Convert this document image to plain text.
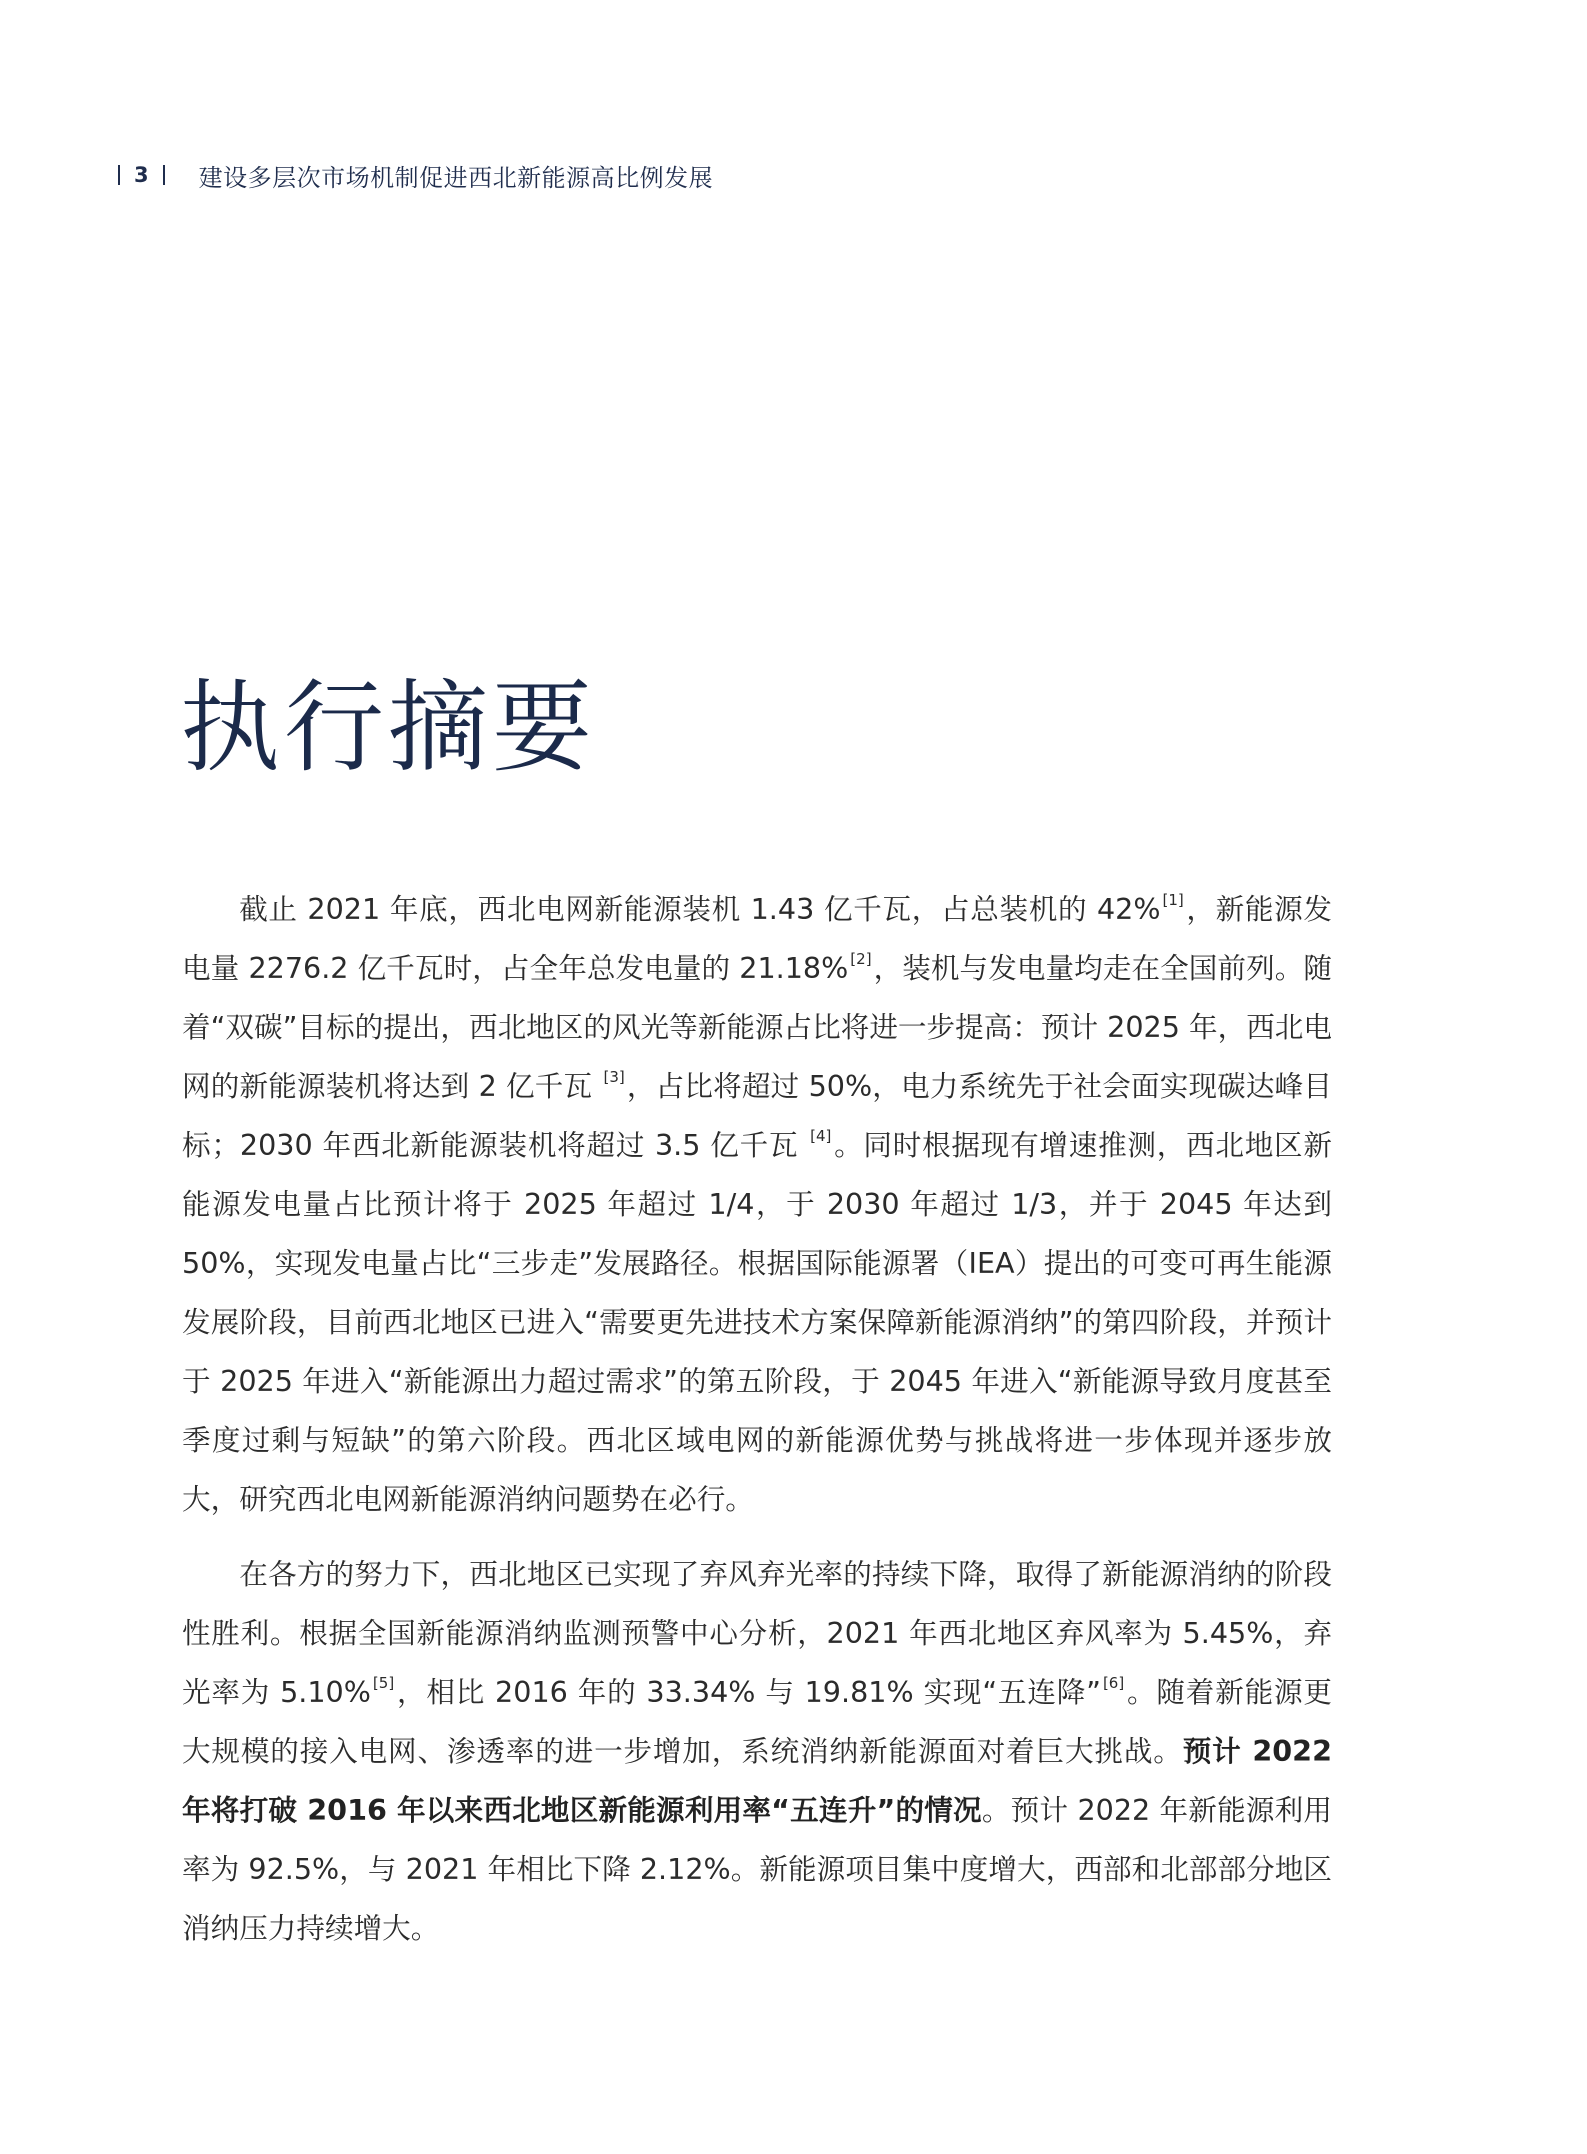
3 建设多层次市场机制促进西北新能源高比例发展
执行摘要

截止 2021 年底，西北电网新能源装机 1.43 亿千瓦，占总装机的 42% [1]，新能源发电量 2276.2 亿千瓦时，占全年总发电量的 21.18% [2]，装机与发电量均走在全国前列。随着“双碳”目标的提出，西北地区的风光等新能源占比将进一步提高：预计 2025 年，西北电网的新能源装机将达到 2 亿千瓦 [3]，占比将超过 50%，电力系统先于社会面实现碳达峰目标；2030 年西北新能源装机将超过 3.5 亿千瓦 [4]。同时根据现有增速推测，西北地区新能源发电量占比预计将于 2025 年超过 1/4，于 2030 年超过 1/3，并于 2045 年达到 50%，实现发电量占比“三步走”发展路径。根据国际能源署（IEA）提出的可变可再生能源发展阶段，目前西北地区已进入“需要更先进技术方案保障新能源消纳”的第四阶段，并预计于 2025 年进入“新能源出力超过需求”的第五阶段，于 2045 年进入“新能源导致月度甚至季度过剩与短缺”的第六阶段。西北区域电网的新能源优势与挑战将进一步体现并逐步放大，研究西北电网新能源消纳问题势在必行。

在各方的努力下，西北地区已实现了弃风弃光率的持续下降，取得了新能源消纳的阶段性胜利。根据全国新能源消纳监测预警中心分析，2021 年西北地区弃风率为 5.45%，弃光率为 5.10% [5]，相比 2016 年的 33.34% 与 19.81% 实现“五连降” [6]。随着新能源更大规模的接入电网、渗透率的进一步增加，系统消纳新能源面对着巨大挑战。预计 2022 年将打破 2016 年以来西北地区新能源利用率“五连升”的情况。预计 2022 年新能源利用率为 92.5%，与 2021 年相比下降 2.12%。新能源项目集中度增大，西部和北部部分地区消纳压力持续增大。
